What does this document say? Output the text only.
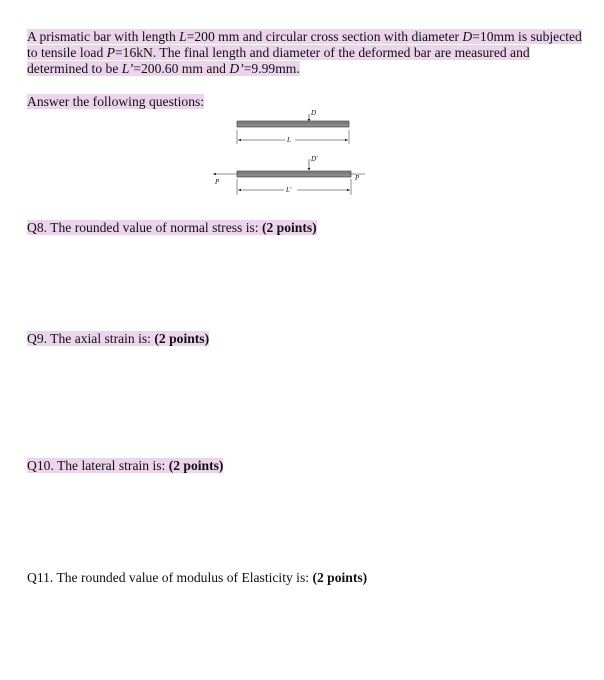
A prismatic bar with length L=200 mm and circular cross section with diameter D=10mm is subjected to tensile load P=16kN. The final length and diameter of the deformed bar are measured and determined to be L’=200.60 mm and D’=9.99mm.
Answer the following questions:
D
L
D'
P	P
L'
Q8. The rounded value of normal stress is: (2 points)
Q9. The axial strain is: (2 points)
Q10. The lateral strain is: (2 points)
Q11. The rounded value of modulus of Elasticity is: (2 points)
